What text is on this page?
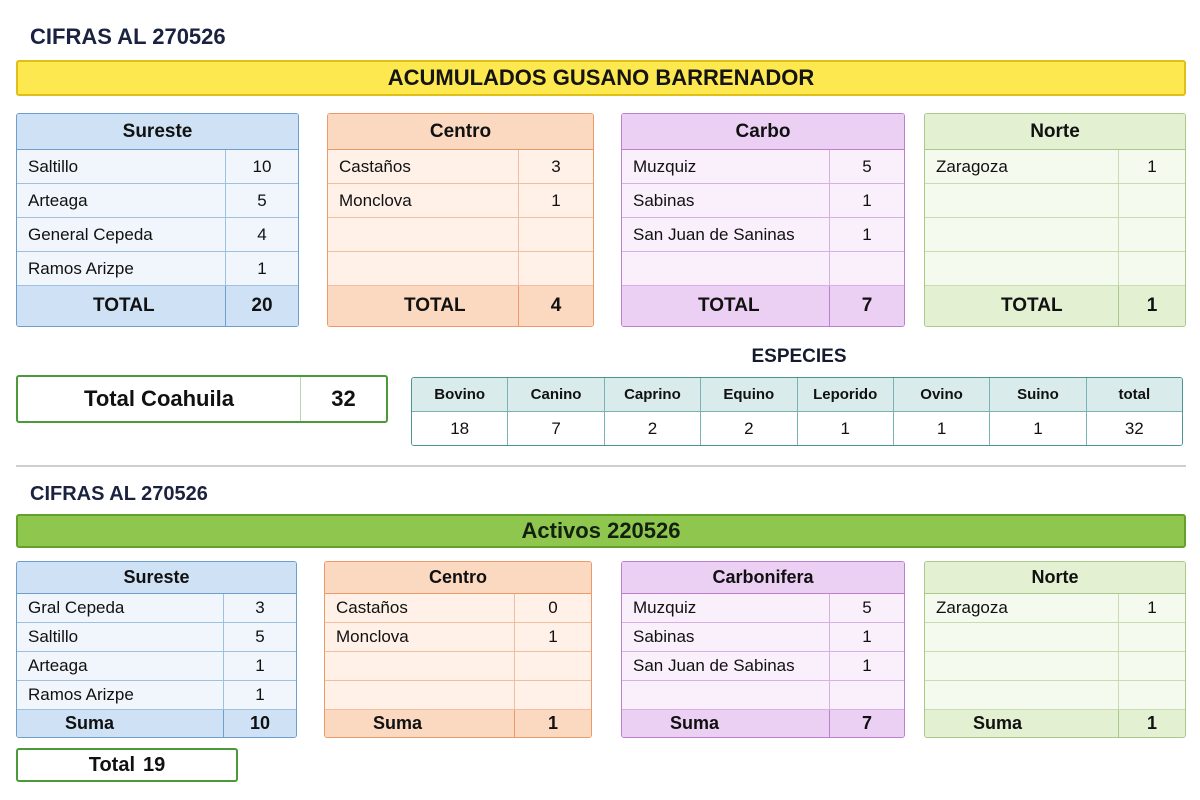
CIFRAS AL 270526
ACUMULADOS GUSANO BARRENADOR
Sureste
Saltillo	10
Arteaga	5
General Cepeda	4
Ramos Arizpe	1
TOTAL	20
Centro
Castaños	3
Monclova	1
TOTAL	4
Carbo
Muzquiz	5
Sabinas	1
San Juan de Saninas	1
TOTAL	7
Norte
Zaragoza	1
TOTAL	1
Total Coahuila	32
ESPECIES
Bovino	Canino	Caprino	Equino	Leporido	Ovino	Suino	total
18	7	2	2	1	1	1	32
CIFRAS AL 270526
Activos 220526
Sureste
Gral Cepeda	3
Saltillo	5
Arteaga	1
Ramos Arizpe	1
Suma	10
Centro
Castaños	0
Monclova	1
Suma	1
Carbonifera
Muzquiz	5
Sabinas	1
San Juan de Sabinas	1
Suma	7
Norte
Zaragoza	1
Suma	1
Total 19
